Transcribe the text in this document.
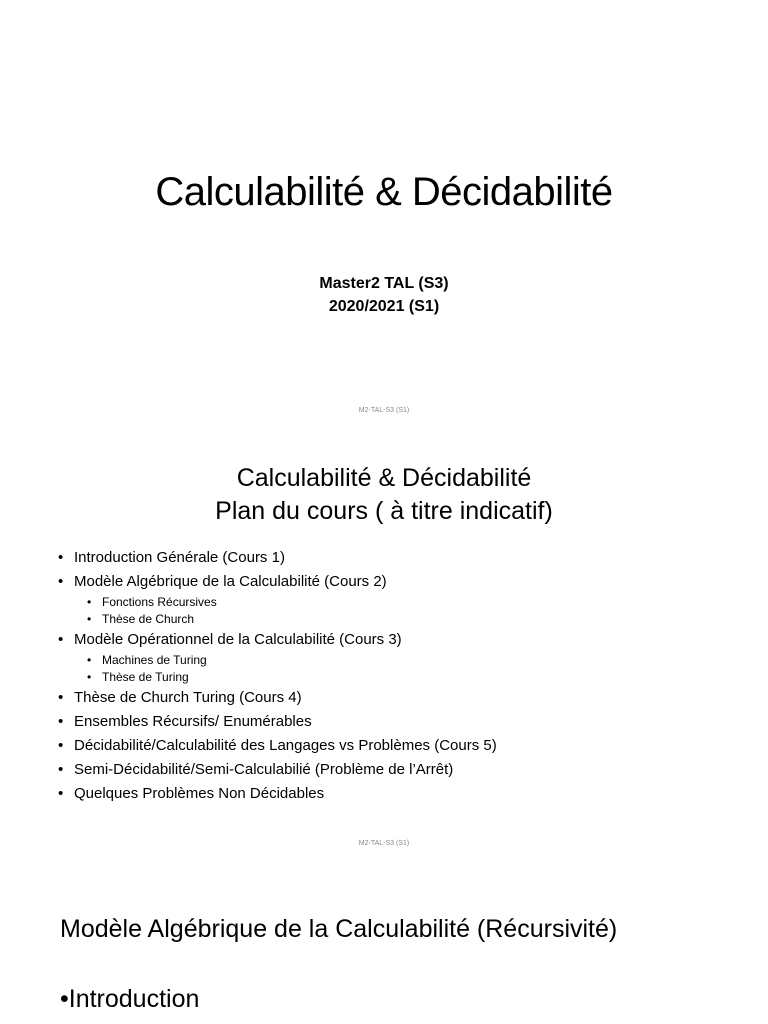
Calculabilité & Décidabilité
Master2 TAL (S3)
2020/2021 (S1)
M2-TAL-S3 (S1)
Calculabilité & Décidabilité
Plan du cours ( à titre indicatif)
• Introduction Générale (Cours 1)
• Modèle Algébrique de la Calculabilité (Cours 2)
• Fonctions Récursives
• Thèse de Church
• Modèle Opérationnel de la Calculabilité (Cours 3)
• Machines de Turing
• Thèse de Turing
• Thèse de Church Turing (Cours 4)
• Ensembles Récursifs/ Enumérables
• Décidabilité/Calculabilité des Langages vs Problèmes (Cours 5)
• Semi-Décidabilité/Semi-Calculabilié (Problème de l’Arrêt)
• Quelques Problèmes Non Décidables
M2-TAL-S3 (S1)
Modèle Algébrique de la Calculabilité (Récursivité)
•Introduction
